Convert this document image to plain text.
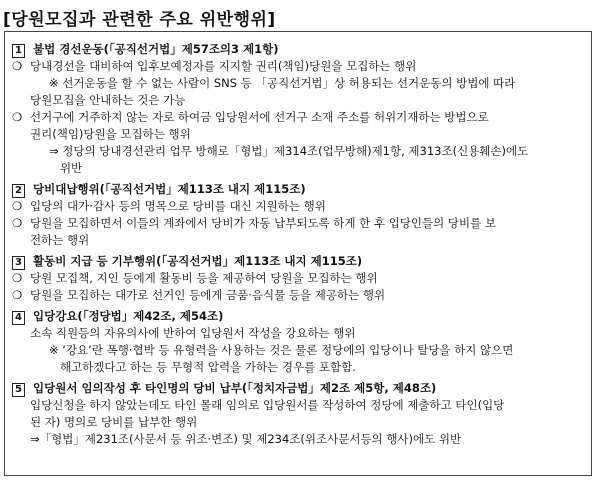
[당원모집과 관련한 주요 위반행위]
1 불법 경선운동(「공직선거법」제57조의3 제1항)
❍ 당내경선을 대비하여 입후보예정자를 지지할 권리(책임)당원을 모집하는 행위
※ 선거운동을 할 수 없는 사람이 SNS 등 「공직선거법」상 허용되는 선거운동의 방법에 따라
당원모집을 안내하는 것은 가능
❍ 선거구에 거주하지 않는 자로 하여금 입당원서에 선거구 소재 주소를 허위기재하는 방법으로
권리(책임)당원을 모집하는 행위
⇒ 정당의 당내경선관리 업무 방해로「형법」제314조(업무방해)제1항, 제313조(신용훼손)에도
위반
2 당비대납행위(「공직선거법」제113조 내지 제115조)
❍ 입당의 대가·감사 등의 명목으로 당비를 대신 지원하는 행위
❍ 당원을 모집하면서 이들의 계좌에서 당비가 자동 납부되도록 하게 한 후 입당인들의 당비를 보
전하는 행위
3 활동비 지급 등 기부행위(「공직선거법」제113조 내지 제115조)
❍ 당원 모집책, 지인 등에게 활동비 등을 제공하여 당원을 모집하는 행위
❍ 당원을 모집하는 대가로 선거인 등에게 금품·음식물 등을 제공하는 행위
4 입당강요(「정당법」제42조, 제54조)
소속 직원등의 자유의사에 반하여 입당원서 작성을 강요하는 행위
※ ‘강요’란 폭행·협박 등 유형력을 사용하는 것은 물론 정당에의 입당이나 탈당을 하지 않으면
해고하겠다고 하는 등 무형적 압력을 가하는 경우를 포함함.
5 입당원서 임의작성 후 타인명의 당비 납부(「정치자금법」제2조 제5항, 제48조)
입당신청을 하지 않았는데도 타인 몰래 임의로 입당원서를 작성하여 정당에 제출하고 타인(입당
된 자) 명의로 당비를 납부한 행위
⇒「형법」제231조(사문서 등 위조·변조) 및 제234조(위조사문서등의 행사)에도 위반
